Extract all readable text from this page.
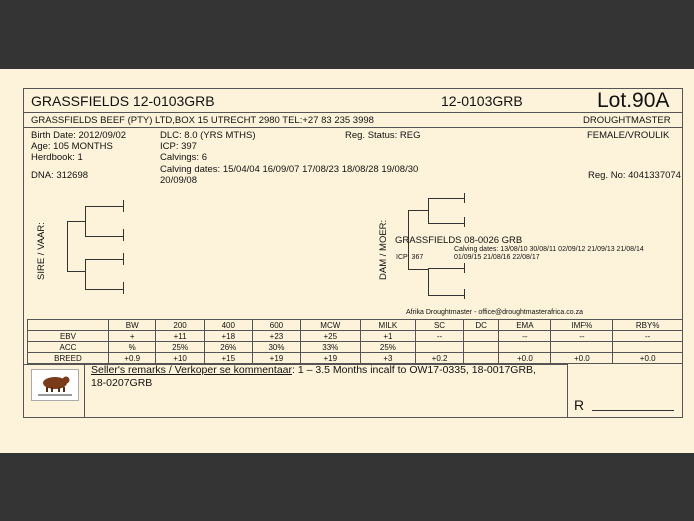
GRASSFIELDS 12-0103GRB	12-0103GRB	Lot.90A
GRASSFIELDS BEEF (PTY) LTD,BOX 15 UTRECHT 2980 TEL:+27 83 235 3998	DROUGHTMASTER
Birth Date: 2012/09/02
Age: 105 MONTHS
Herdbook: 1
DNA: 312698
DLC: 8.0 (YRS MTHS)
ICP: 397
Calvings: 6
Calving dates: 15/04/04 16/09/07 17/08/23 18/08/28 19/08/30
20/09/08
Reg. Status: REG	FEMALE/VROULIK
Reg. No: 4041337074
SIRE / VAAR:	DAM / MOER: GRASSFIELDS 08-0026 GRB
Calving dates: 13/08/10 30/08/11 02/09/12 21/09/13 21/08/14
ICP: 367	01/09/15 21/08/16 22/08/17
Afrika Droughtmaster - office@droughtmasterafrica.co.za
	BW	200	400	600	MCW	MILK	SC	DC	EMA	IMF%	RBY%
EBV	+	+11	+18	+23	+25	+1	--		--	--	--
ACC	%	25%	26%	30%	33%	25%					
BREED	+0.9	+10	+15	+19	+19	+3	+0.2		+0.0	+0.0	+0.0
Seller's remarks / Verkoper se kommentaar: 1 – 3.5 Months incalf to OW17-0335, 18-0017GRB, 18-0207GRB
R
